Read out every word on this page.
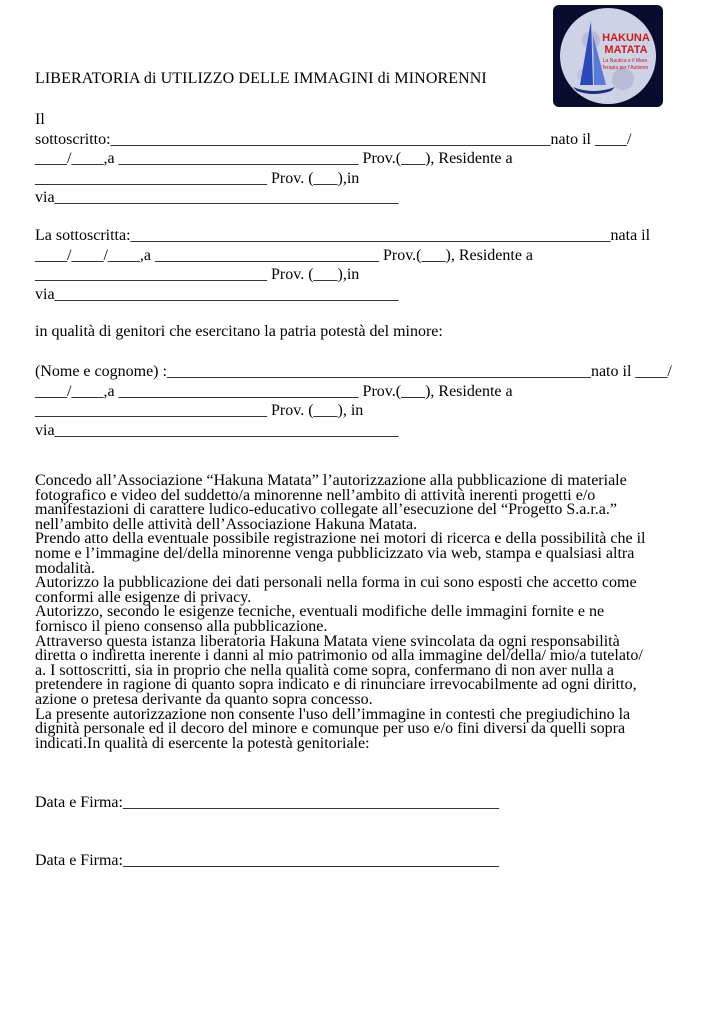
HAKUNA
MATATA
La Nautica e il Mare
Terapia per l'Autismo
LIBERATORIA di UTILIZZO DELLE IMMAGINI di MINORENNI
Il
sottoscritto:_______________________________________________________nato il ____/
____/____,a ______________________________ Prov.(___), Residente a
_____________________________ Prov. (___),in
via___________________________________________
La sottoscritta:____________________________________________________________nata il
____/____/____,a ____________________________ Prov.(___), Residente a
_____________________________ Prov. (___),in
via___________________________________________
in qualità di genitori che esercitano la patria potestà del minore:
(Nome e cognome) :_____________________________________________________nato il ____/
____/____,a ______________________________ Prov.(___), Residente a
_____________________________ Prov. (___), in
via___________________________________________
Concedo all’Associazione “Hakuna Matata” l’autorizzazione alla pubblicazione di materiale
fotografico e video del suddetto/a minorenne nell’ambito di attività inerenti progetti e/o
manifestazioni di carattere ludico-educativo collegate all’esecuzione del “Progetto S.a.r.a.”
nell’ambito delle attività dell’Associazione Hakuna Matata.
Prendo atto della eventuale possibile registrazione nei motori di ricerca e della possibilità che il
nome e l’immagine del/della minorenne venga pubblicizzato via web, stampa e qualsiasi altra
modalità.
Autorizzo la pubblicazione dei dati personali nella forma in cui sono esposti che accetto come
conformi alle esigenze di privacy.
Autorizzo, secondo le esigenze tecniche, eventuali modifiche delle immagini fornite e ne
fornisco il pieno consenso alla pubblicazione.
Attraverso questa istanza liberatoria Hakuna Matata viene svincolata da ogni responsabilità
diretta o indiretta inerente i danni al mio patrimonio od alla immagine del/della/ mio/a tutelato/
a. I sottoscritti, sia in proprio che nella qualità come sopra, confermano di non aver nulla a
pretendere in ragione di quanto sopra indicato e di rinunciare irrevocabilmente ad ogni diritto,
azione o pretesa derivante da quanto sopra concesso.
La presente autorizzazione non consente l'uso dell’immagine in contesti che pregiudichino la
dignità personale ed il decoro del minore e comunque per uso e/o fini diversi da quelli sopra
indicati.In qualità di esercente la potestà genitoriale:
Data e Firma:_______________________________________________
Data e Firma:_______________________________________________
